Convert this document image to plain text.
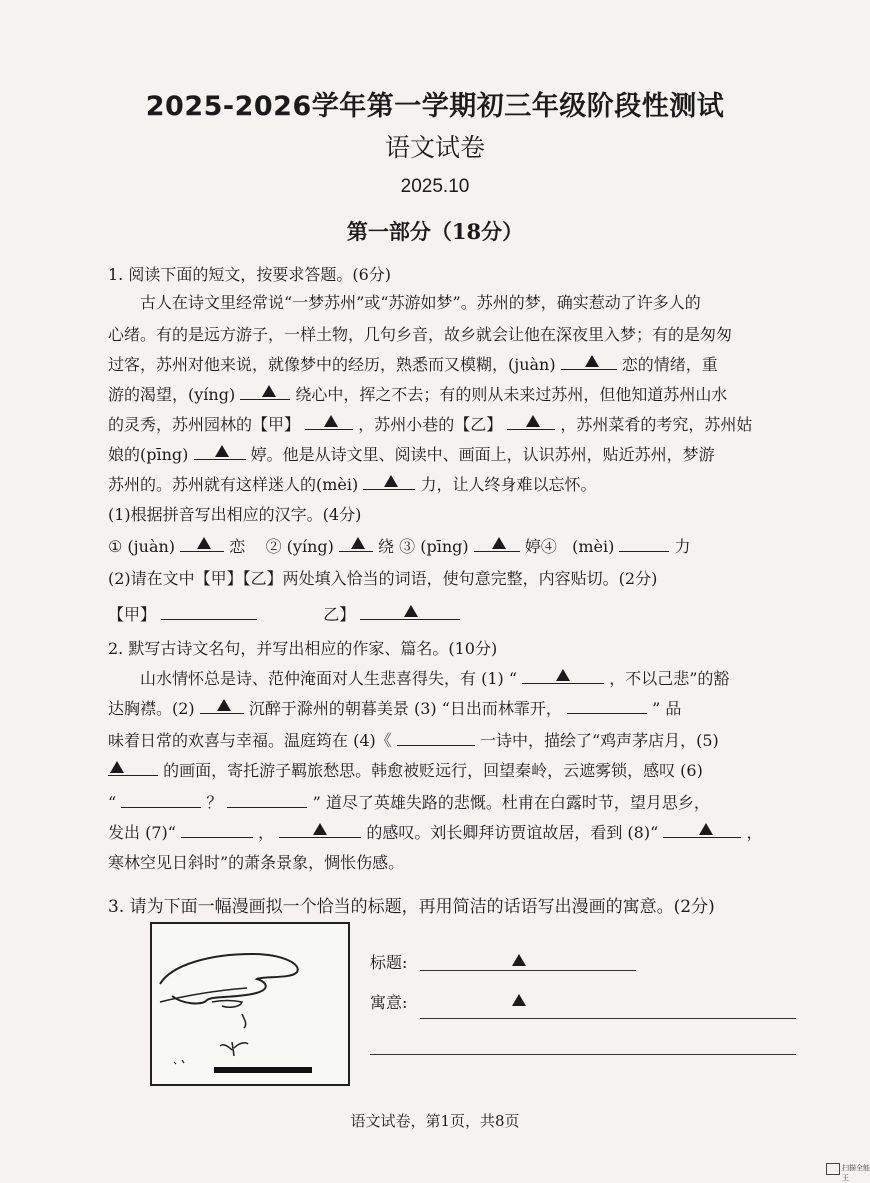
2025-2026学年第一学期初三年级阶段性测试
语文试卷
2025.10
第一部分（18分）
1. 阅读下面的短文，按要求答题。(6分)
古人在诗文里经常说“一梦苏州”或“苏游如梦”。苏州的梦，确实惹动了许多人的
心绪。有的是远方游子，一样土物，几句乡音，故乡就会让他在深夜里入梦；有的是匆匆
过客，苏州对他来说，就像梦中的经历，熟悉而又模糊，(juàn)	恋的情绪，重
游的渴望，(yíng)	绕心中，挥之不去；有的则从未来过苏州，但他知道苏州山水
的灵秀，苏州园林的【甲】	，苏州小巷的【乙】	，苏州菜肴的考究，苏州姑
娘的(pīng)	婷。他是从诗文里、阅读中、画面上，认识苏州，贴近苏州，梦游
苏州的。苏州就有这样迷人的(mèi)	力，让人终身难以忘怀。
(1)根据拼音写出相应的汉字。(4分)
① (juàn)	恋 ② (yíng)	绕 ③ (pīng)	婷④ (mèi)	力
(2)请在文中【甲】【乙】两处填入恰当的词语，使句意完整，内容贴切。(2分)
【甲】	乙】
2. 默写古诗文名句，并写出相应的作家、篇名。(10分)
山水情怀总是诗、范仲淹面对人生悲喜得失，有 (1) “	，不以己悲”的豁
达胸襟。(2)	沉醉于滁州的朝暮美景 (3) “日出而林霏开，	” 品
味着日常的欢喜与幸福。温庭筠在 (4)《	一诗中，描绘了“鸡声茅店月，(5)
的画面，寄托游子羁旅愁思。韩愈被贬远行，回望秦岭，云遮雾锁，感叹 (6)
“	？	” 道尽了英雄失路的悲慨。杜甫在白露时节，望月思乡，
发出 (7)“	，	的感叹。刘长卿拜访贾谊故居，看到 (8)“	，
寒林空见日斜时”的萧条景象，惆怅伤感。
3. 请为下面一幅漫画拟一个恰当的标题，再用简洁的话语写出漫画的寓意。(2分)
标题:
寓意:
语文试卷，第1页，共8页
扫描全能王
